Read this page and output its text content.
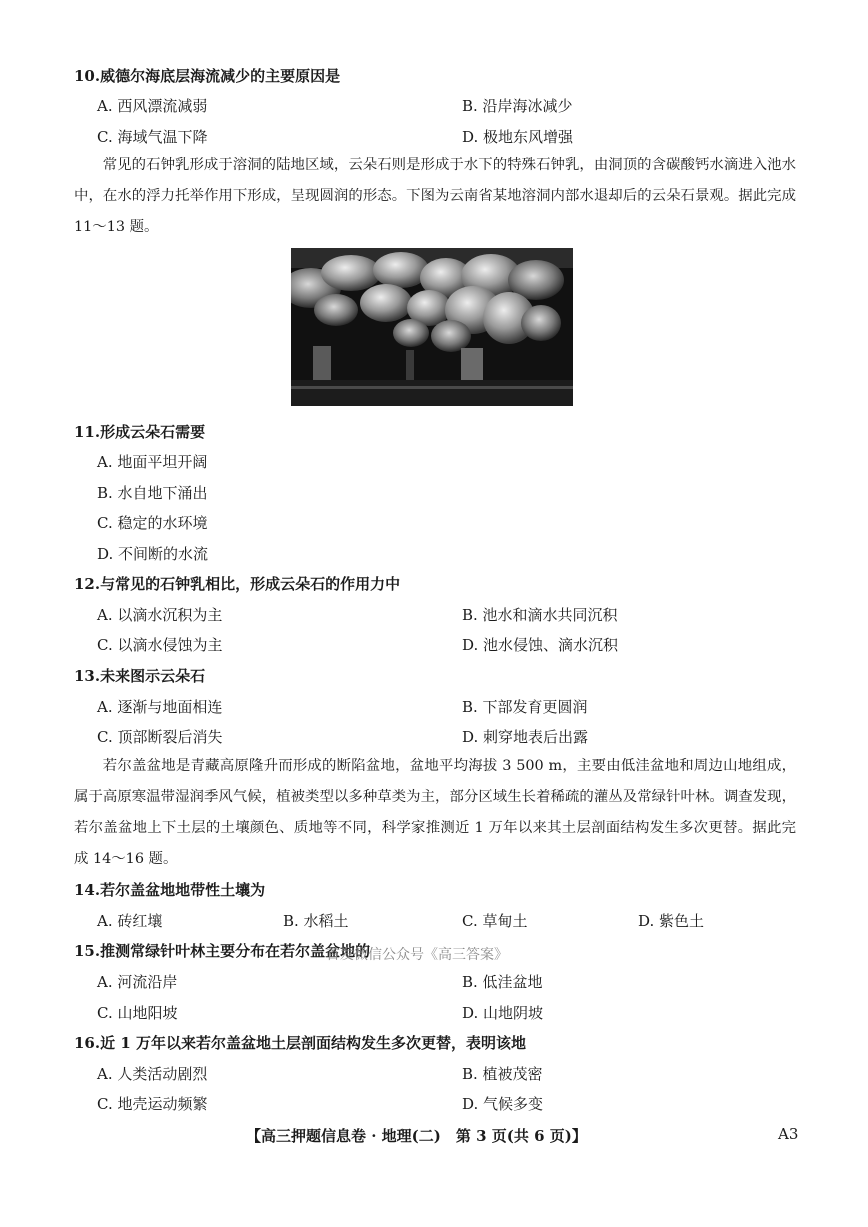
10.威德尔海底层海流减少的主要原因是
A. 西风漂流减弱	B. 沿岸海冰减少
C. 海域气温下降	D. 极地东风增强
常见的石钟乳形成于溶洞的陆地区域，云朵石则是形成于水下的特殊石钟乳，由洞顶的含碳酸钙水滴进入池水中，在水的浮力托举作用下形成，呈现圆润的形态。下图为云南省某地溶洞内部水退却后的云朵石景观。据此完成 11～13 题。
11.形成云朵石需要
A. 地面平坦开阔
B. 水自地下涌出
C. 稳定的水环境
D. 不间断的水流
12.与常见的石钟乳相比，形成云朵石的作用力中
A. 以滴水沉积为主	B. 池水和滴水共同沉积
C. 以滴水侵蚀为主	D. 池水侵蚀、滴水沉积
13.未来图示云朵石
A. 逐渐与地面相连	B. 下部发育更圆润
C. 顶部断裂后消失	D. 刺穿地表后出露
若尔盖盆地是青藏高原隆升而形成的断陷盆地，盆地平均海拔 3 500 m，主要由低洼盆地和周边山地组成，属于高原寒温带湿润季风气候，植被类型以多种草类为主，部分区域生长着稀疏的灌丛及常绿针叶林。调查发现，若尔盖盆地上下土层的土壤颜色、质地等不同，科学家推测近 1 万年以来其土层剖面结构发生多次更替。据此完成 14～16 题。
14.若尔盖盆地地带性土壤为
A. 砖红壤	B. 水稻土	C. 草甸土	D. 紫色土
15.推测常绿针叶林主要分布在若尔盖盆地的
首发微信公众号《高三答案》
A. 河流沿岸	B. 低洼盆地
C. 山地阳坡	D. 山地阴坡
16.近 1 万年以来若尔盖盆地土层剖面结构发生多次更替，表明该地
A. 人类活动剧烈	B. 植被茂密
C. 地壳运动频繁	D. 气候多变
【高三押题信息卷 · 地理(二)　第 3 页(共 6 页)】	A3
